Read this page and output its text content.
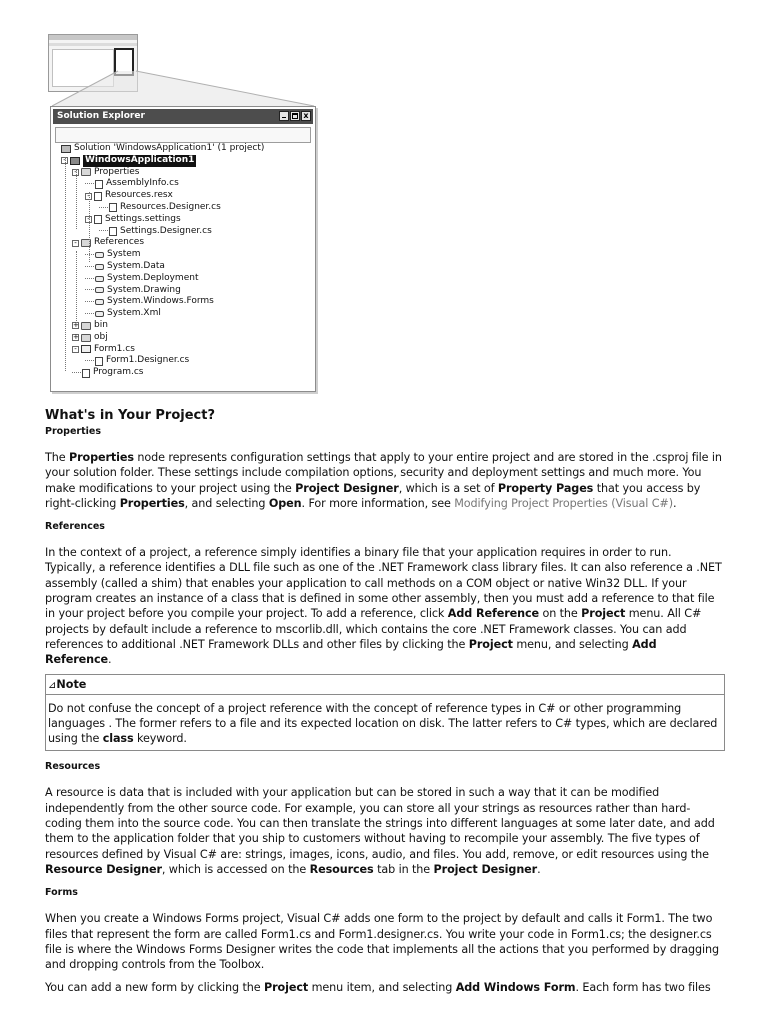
Solution Explorer	x
Solution 'WindowsApplication1' (1 project)
- WindowsApplication1
- Properties
AssemblyInfo.cs
- Resources.resx
Resources.Designer.cs
- Settings.settings
Settings.Designer.cs
- References
System
System.Data
System.Deployment
System.Drawing
System.Windows.Forms
System.Xml
+ bin
+ obj
- Form1.cs
Form1.Designer.cs
Program.cs
What's in Your Project?
Properties

The Properties node represents configuration settings that apply to your entire project and are stored in the .csproj file in your solution folder. These settings include compilation options, security and deployment settings and much more. You make modifications to your project using the Project Designer, which is a set of Property Pages that you access by right-clicking Properties, and selecting Open. For more information, see Modifying Project Properties (Visual C#).

References

In the context of a project, a reference simply identifies a binary file that your application requires in order to run. Typically, a reference identifies a DLL file such as one of the .NET Framework class library files. It can also reference a .NET assembly (called a shim) that enables your application to call methods on a COM object or native Win32 DLL. If your program creates an instance of a class that is defined in some other assembly, then you must add a reference to that file in your project before you compile your project. To add a reference, click Add Reference on the Project menu. All C# projects by default include a reference to mscorlib.dll, which contains the core .NET Framework classes. You can add references to additional .NET Framework DLLs and other files by clicking the Project menu, and selecting Add Reference.

⊿Note

Do not confuse the concept of a project reference with the concept of reference types in C# or other programming languages . The former refers to a file and its expected location on disk. The latter refers to C# types, which are declared using the class keyword.

Resources

A resource is data that is included with your application but can be stored in such a way that it can be modified independently from the other source code. For example, you can store all your strings as resources rather than hard-coding them into the source code. You can then translate the strings into different languages at some later date, and add them to the application folder that you ship to customers without having to recompile your assembly. The five types of resources defined by Visual C# are: strings, images, icons, audio, and files. You add, remove, or edit resources using the Resource Designer, which is accessed on the Resources tab in the Project Designer.

Forms

When you create a Windows Forms project, Visual C# adds one form to the project by default and calls it Form1. The two files that represent the form are called Form1.cs and Form1.designer.cs. You write your code in Form1.cs; the designer.cs file is where the Windows Forms Designer writes the code that implements all the actions that you performed by dragging and dropping controls from the Toolbox.

You can add a new form by clicking the Project menu item, and selecting Add Windows Form. Each form has two files
